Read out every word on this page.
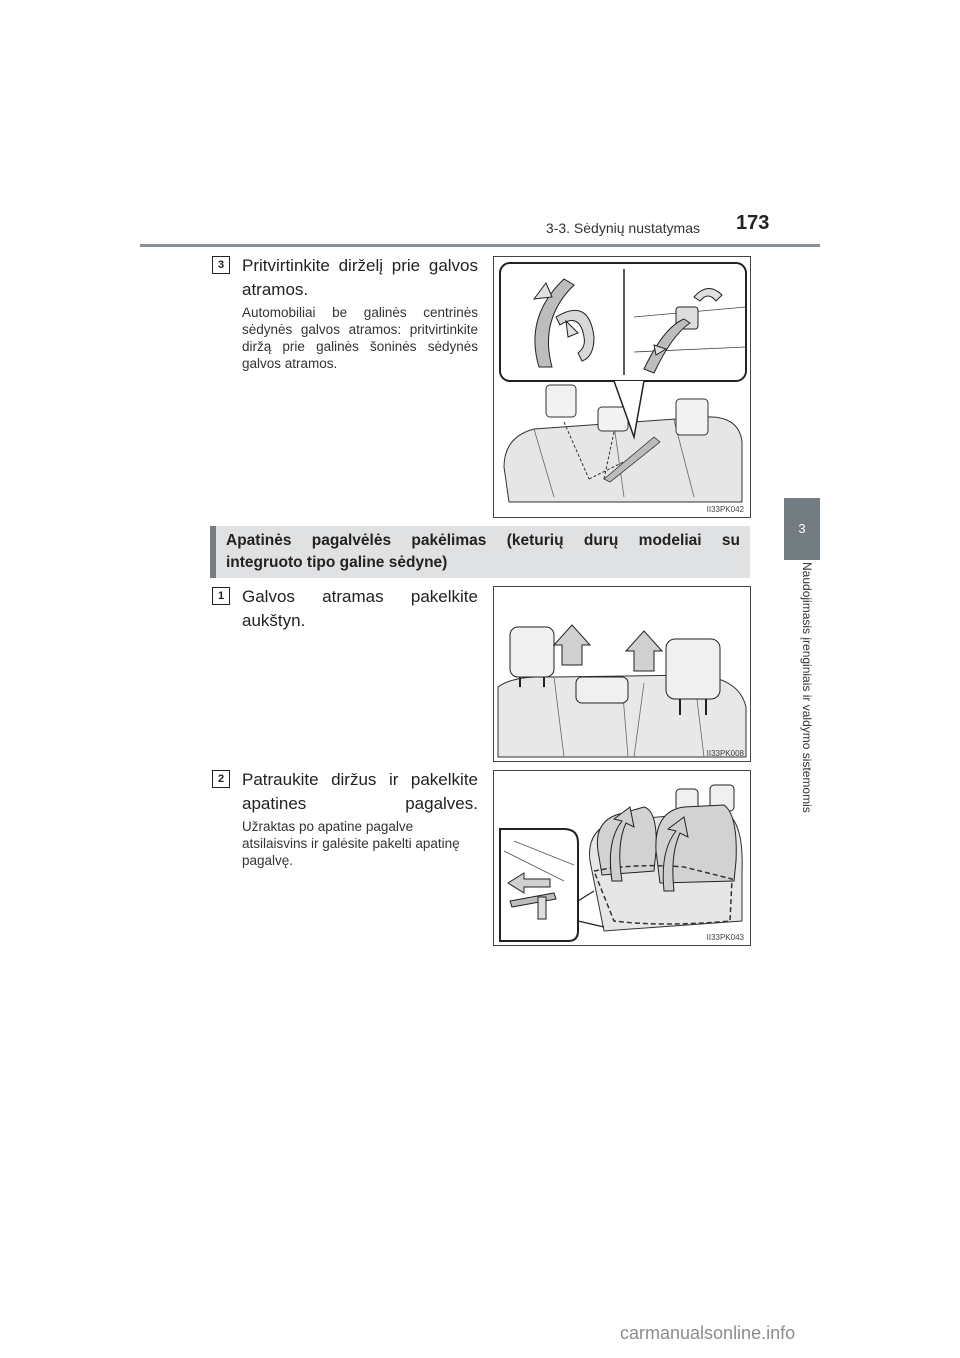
3-3. Sėdynių nustatymas 173
3
Naudojimasis įrenginiais ir valdymo sistemomis
3	Pritvirtinkite dirželį prie galvos atramos.
Automobiliai be galinės centrinės sėdynės galvos atramos: pritvirtinkite diržą prie galinės šoninės sėdynės galvos atramos.
II33PK042
Apatinės pagalvėlės pakėlimas (keturių durų modeliai su
integruoto tipo galine sėdyne)
1	Galvos atramas pakelkite aukštyn.
II33PK008
2	Patraukite diržus ir pakelkite apatines pagalves.
Užraktas po apatine pagalve atsilaisvins ir galėsite pakelti apatinę pagalvę.
II33PK043
carmanualsonline.info
